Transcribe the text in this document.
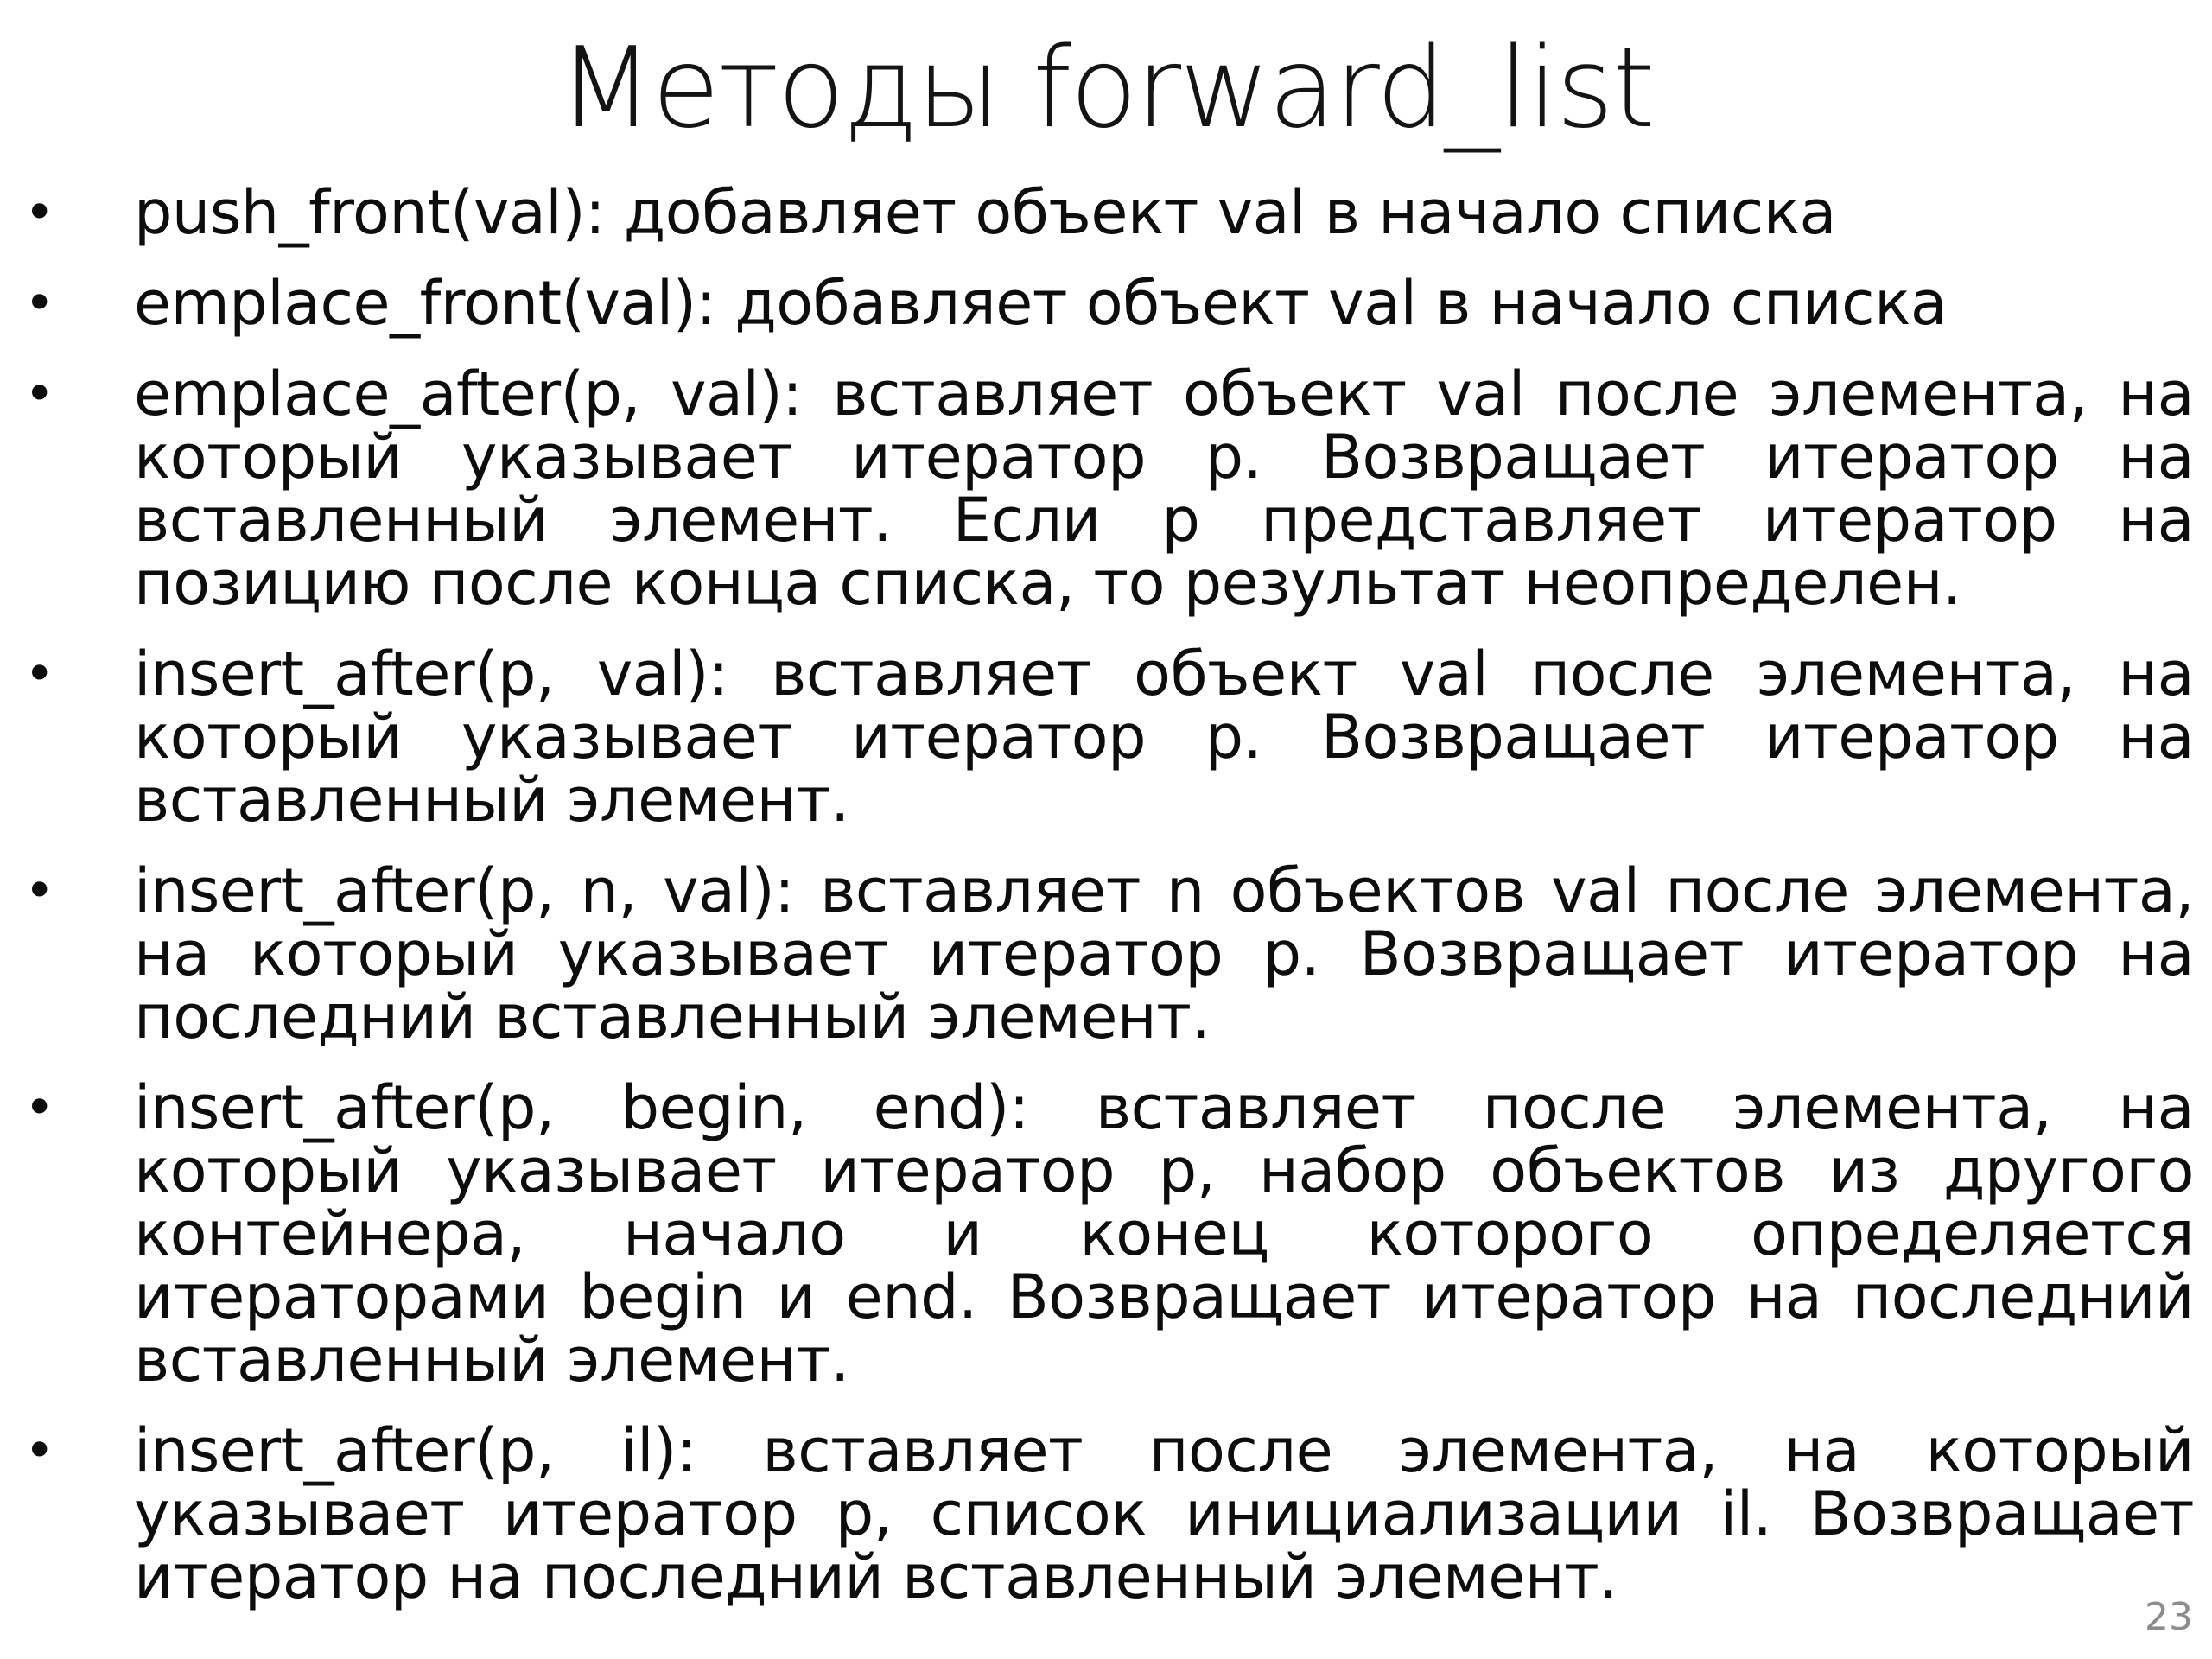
Методы forward_list
• push_front(val): добавляет объект val в начало списка
• emplace_front(val): добавляет объект val в начало списка
• emplace_after(p, val): вставляет объект val после элемента, на который указывает итератор p. Возвращает итератор на вставленный элемент. Если p представляет итератор на позицию после конца списка, то результат неопределен.
• insert_after(p, val): вставляет объект val после элемента, на который указывает итератор p. Возвращает итератор на вставленный элемент.
• insert_after(p, n, val): вставляет n объектов val после элемента, на который указывает итератор p. Возвращает итератор на последний вставленный элемент.
• insert_after(p, begin, end): вставляет после элемента, на который указывает итератор p, набор объектов из другого контейнера, начало и конец которого определяется итераторами begin и end. Возвращает итератор на последний вставленный элемент.
• insert_after(p, il): вставляет после элемента, на который указывает итератор p, список инициализации il. Возвращает итератор на последний вставленный элемент.
23
